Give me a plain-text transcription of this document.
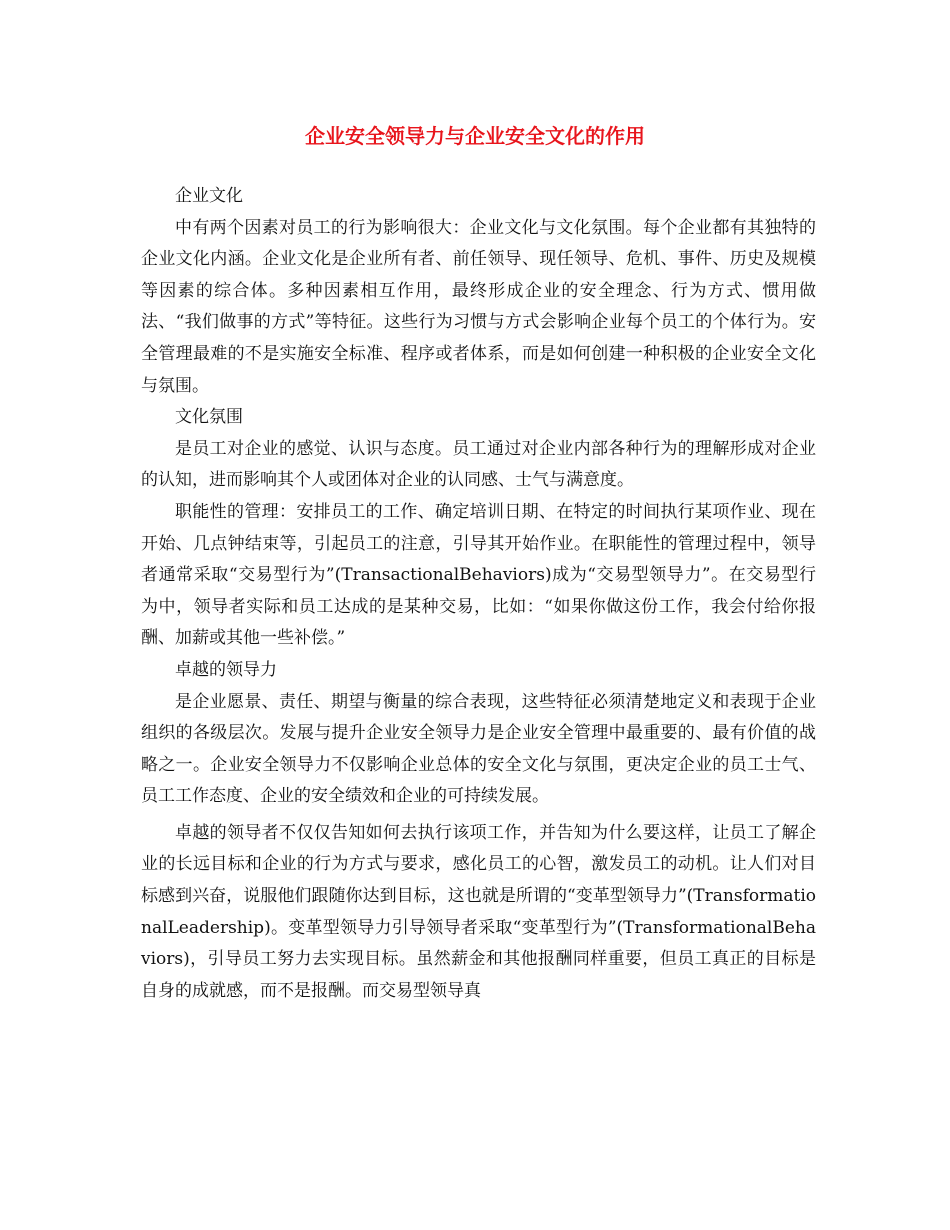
企业安全领导力与企业安全文化的作用

企业文化

中有两个因素对员工的行为影响很大：企业文化与文化氛围。每个企业都有其独特的企业文化内涵。企业文化是企业所有者、前任领导、现任领导、危机、事件、历史及规模等因素的综合体。多种因素相互作用，最终形成企业的安全理念、行为方式、惯用做法、“我们做事的方式”等特征。这些行为习惯与方式会影响企业每个员工的个体行为。安全管理最难的不是实施安全标准、程序或者体系，而是如何创建一种积极的企业安全文化与氛围。

文化氛围

是员工对企业的感觉、认识与态度。员工通过对企业内部各种行为的理解形成对企业的认知，进而影响其个人或团体对企业的认同感、士气与满意度。

职能性的管理：安排员工的工作、确定培训日期、在特定的时间执行某项作业、现在开始、几点钟结束等，引起员工的注意，引导其开始作业。在职能性的管理过程中，领导者通常采取“交易型行为”(TransactionalBehaviors)成为“交易型领导力”。在交易型行为中，领导者实际和员工达成的是某种交易，比如：“如果你做这份工作，我会付给你报酬、加薪或其他一些补偿。”

卓越的领导力

是企业愿景、责任、期望与衡量的综合表现，这些特征必须清楚地定义和表现于企业组织的各级层次。发展与提升企业安全领导力是企业安全管理中最重要的、最有价值的战略之一。企业安全领导力不仅影响企业总体的安全文化与氛围，更决定企业的员工士气、员工工作态度、企业的安全绩效和企业的可持续发展。

卓越的领导者不仅仅告知如何去执行该项工作，并告知为什么要这样，让员工了解企业的长远目标和企业的行为方式与要求，感化员工的心智，激发员工的动机。让人们对目标感到兴奋，说服他们跟随你达到目标，这也就是所谓的“变革型领导力”(TransformationalLeadership)。变革型领导力引导领导者采取“变革型行为”(TransformationalBehaviors)，引导员工努力去实现目标。虽然薪金和其他报酬同样重要，但员工真正的目标是自身的成就感，而不是报酬。而交易型领导真
